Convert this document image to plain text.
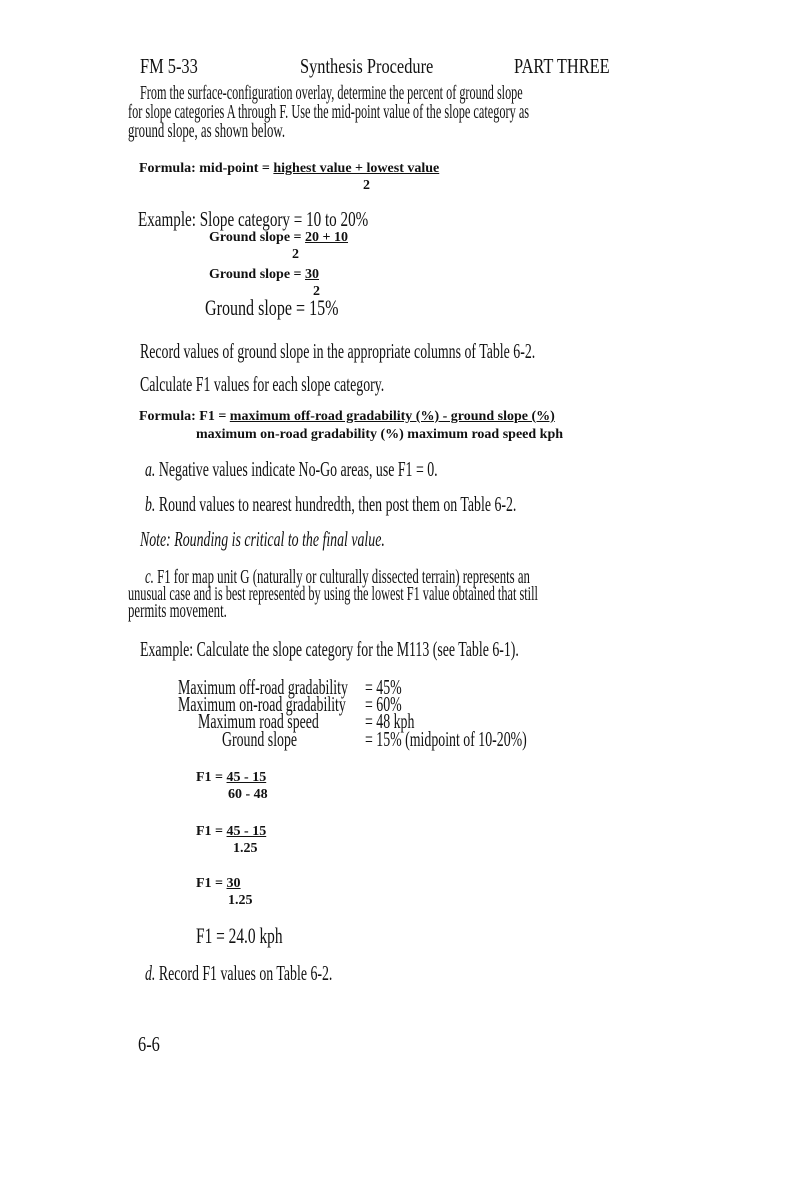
FM 5-33	Synthesis Procedure	PART THREE
From the surface-configuration overlay, determine the percent of ground slope
for slope categories A through F. Use the mid-point value of the slope category as
ground slope, as shown below.
Formula: mid-point = highest value + lowest value
2
Example: Slope category = 10 to 20%
Ground slope = 20 + 10
2
Ground slope = 30
2
Ground slope = 15%
Record values of ground slope in the appropriate columns of Table 6-2.
Calculate F1 values for each slope category.
Formula: F1 = maximum off-road gradability (%) - ground slope (%)
maximum on-road gradability (%) maximum road speed kph
a. Negative values indicate No-Go areas, use F1 = 0.
b. Round values to nearest hundredth, then post them on Table 6-2.
Note: Rounding is critical to the final value.
c. F1 for map unit G (naturally or culturally dissected terrain) represents an
unusual case and is best represented by using the lowest F1 value obtained that still
permits movement.
Example: Calculate the slope category for the M113 (see Table 6-1).
Maximum off-road gradability = 45%
Maximum on-road gradability = 60%
Maximum road speed	= 48 kph
Ground slope	= 15% (midpoint of 10-20%)
F1 = 45 - 15
60 - 48
F1 = 45 - 15
1.25
F1 = 30
1.25
F1 = 24.0 kph
d. Record F1 values on Table 6-2.
6-6
